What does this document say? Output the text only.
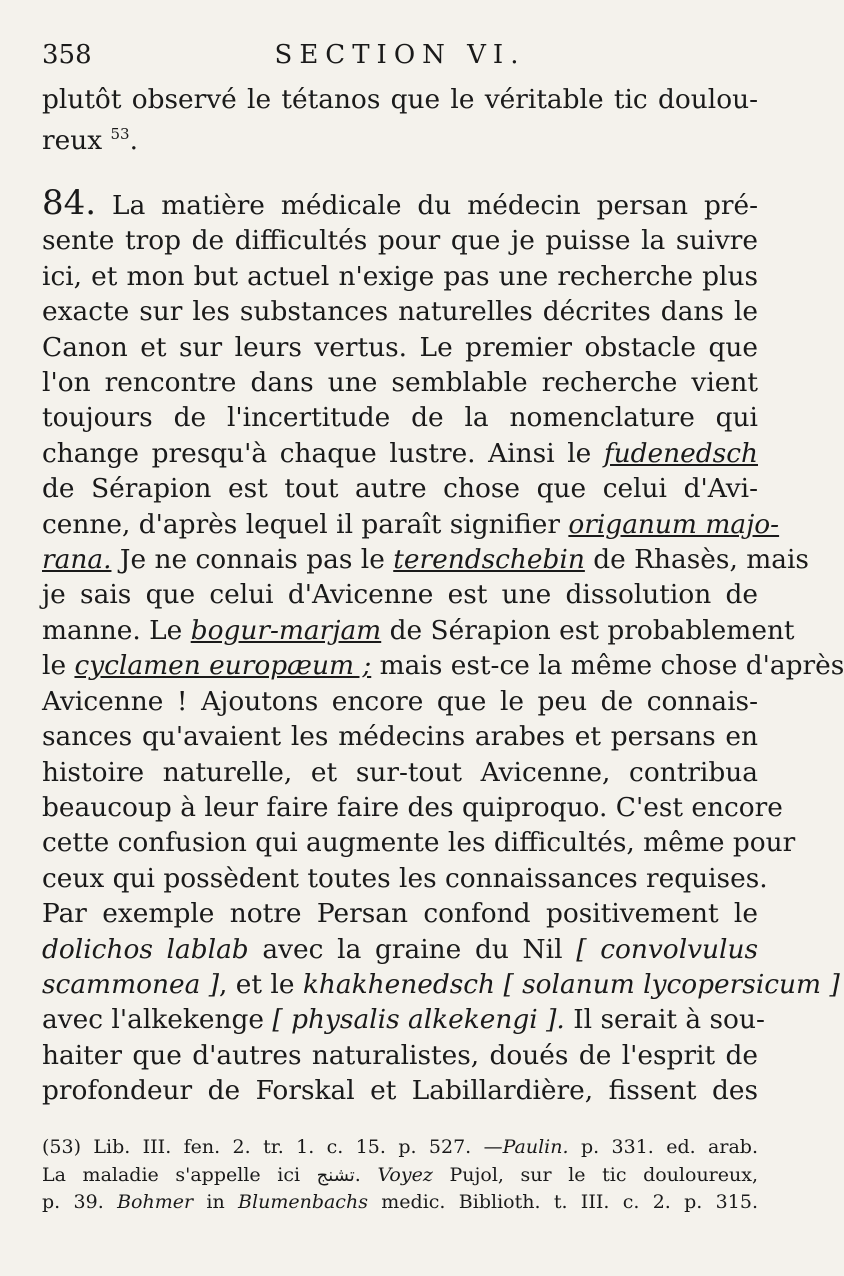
358	SECTION VI.
plutôt observé le tétanos que le véritable tic doulou-
reux $^{53}$.
84. La matière médicale du médecin persan pré-
sente trop de difficultés pour que je puisse la suivre
ici, et mon but actuel n'exige pas une recherche plus
exacte sur les substances naturelles décrites dans le
Canon et sur leurs vertus. Le premier obstacle que
l'on rencontre dans une semblable recherche vient
toujours de l'incertitude de la nomenclature qui
change presqu'à chaque lustre. Ainsi le fudenedsch
de Sérapion est tout autre chose que celui d'Avi-
cenne, d'après lequel il paraît signifier origanum majo-
rana. Je ne connais pas le terendschebin de Rhasès, mais
je sais que celui d'Avicenne est une dissolution de
manne. Le bogur-marjam de Sérapion est probablement
le cyclamen europæum ; mais est-ce la même chose d'après
Avicenne ! Ajoutons encore que le peu de connais-
sances qu'avaient les médecins arabes et persans en
histoire naturelle, et sur-tout Avicenne, contribua
beaucoup à leur faire faire des quiproquo. C'est encore
cette confusion qui augmente les difficultés, même pour
ceux qui possèdent toutes les connaissances requises.
Par exemple notre Persan confond positivement le
dolichos lablab avec la graine du Nil [ convolvulus
scammonea ], et le khakhenedsch [ solanum lycopersicum ]
avec l'alkekenge [ physalis alkekengi ]. Il serait à sou-
haiter que d'autres naturalistes, doués de l'esprit de
profondeur de Forskal et Labillardière, fissent des
(53) Lib. III. fen. 2. tr. 1. c. 15. p. 527. —Paulin. p. 331. ed. arab.
La maladie s'appelle ici تشنج. Voyez Pujol, sur le tic douloureux,
p. 39. Bohmer in Blumenbachs medic. Biblioth. t. III. c. 2. p. 315.
